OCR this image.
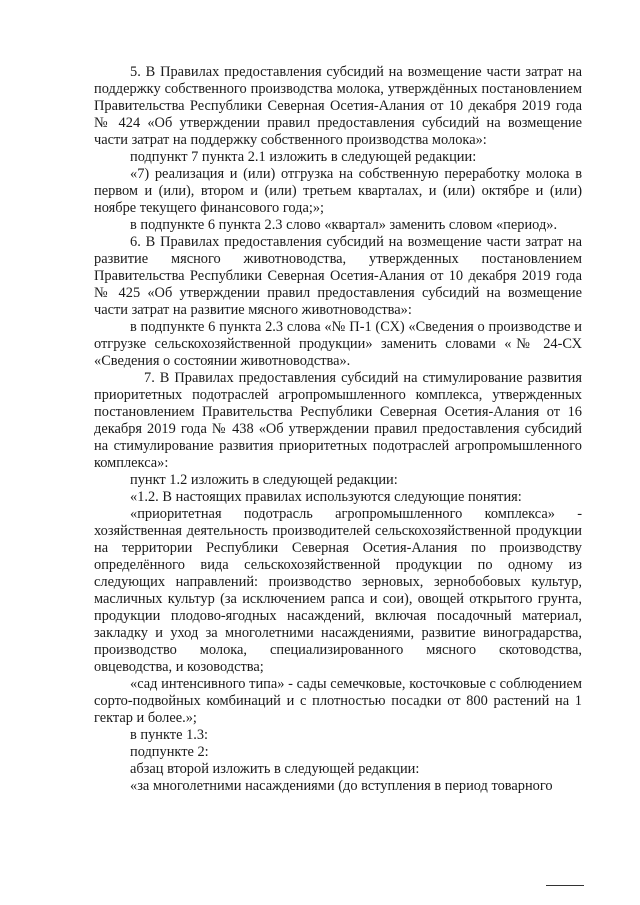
5. В Правилах предоставления субсидий на возмещение части затрат на поддержку собственного производства молока, утверждённых постановлением Правительства Республики Северная Осетия-Алания от 10 декабря 2019 года № 424 «Об утверждении правил предоставления субсидий на возмещение части затрат на поддержку собственного производства молока»:

подпункт 7 пункта 2.1 изложить в следующей редакции:

«7) реализация и (или) отгрузка на собственную переработку молока в первом и (или), втором и (или) третьем кварталах, и (или) октябре и (или) ноябре текущего финансового года;»;

в подпункте 6 пункта 2.3 слово «квартал» заменить словом «период».

6. В Правилах предоставления субсидий на возмещение части затрат на развитие мясного животноводства, утвержденных постановлением Правительства Республики Северная Осетия-Алания от 10 декабря 2019 года № 425 «Об утверждении правил предоставления субсидий на возмещение части затрат на развитие мясного животноводства»:

в подпункте 6 пункта 2.3 слова «№ П-1 (СХ) «Сведения о производстве и отгрузке сельскохозяйственной продукции» заменить словами «№ 24-СХ «Сведения о состоянии животноводства».

7. В Правилах предоставления субсидий на стимулирование развития приоритетных подотраслей агропромышленного комплекса, утвержденных постановлением Правительства Республики Северная Осетия-Алания от 16 декабря 2019 года № 438 «Об утверждении правил предоставления субсидий на стимулирование развития приоритетных подотраслей агропромышленного комплекса»:

пункт 1.2 изложить в следующей редакции:

«1.2. В настоящих правилах используются следующие понятия:

«приоритетная подотрасль агропромышленного комплекса» - хозяйственная деятельность производителей сельскохозяйственной продукции на территории Республики Северная Осетия-Алания по производству определённого вида сельскохозяйственной продукции по одному из следующих направлений: производство зерновых, зернобобовых культур, масличных культур (за исключением рапса и сои), овощей открытого грунта, продукции плодово-ягодных насаждений, включая посадочный материал, закладку и уход за многолетними насаждениями, развитие виноградарства, производство молока, специализированного мясного скотоводства, овцеводства, и козоводства;

«сад интенсивного типа» - сады семечковые, косточковые с соблюдением сорто-подвойных комбинаций и с плотностью посадки от 800 растений на 1 гектар и более.»;

в пункте 1.3:

подпункте 2:

абзац второй изложить в следующей редакции:

«за многолетними насаждениями (до вступления в период товарного
